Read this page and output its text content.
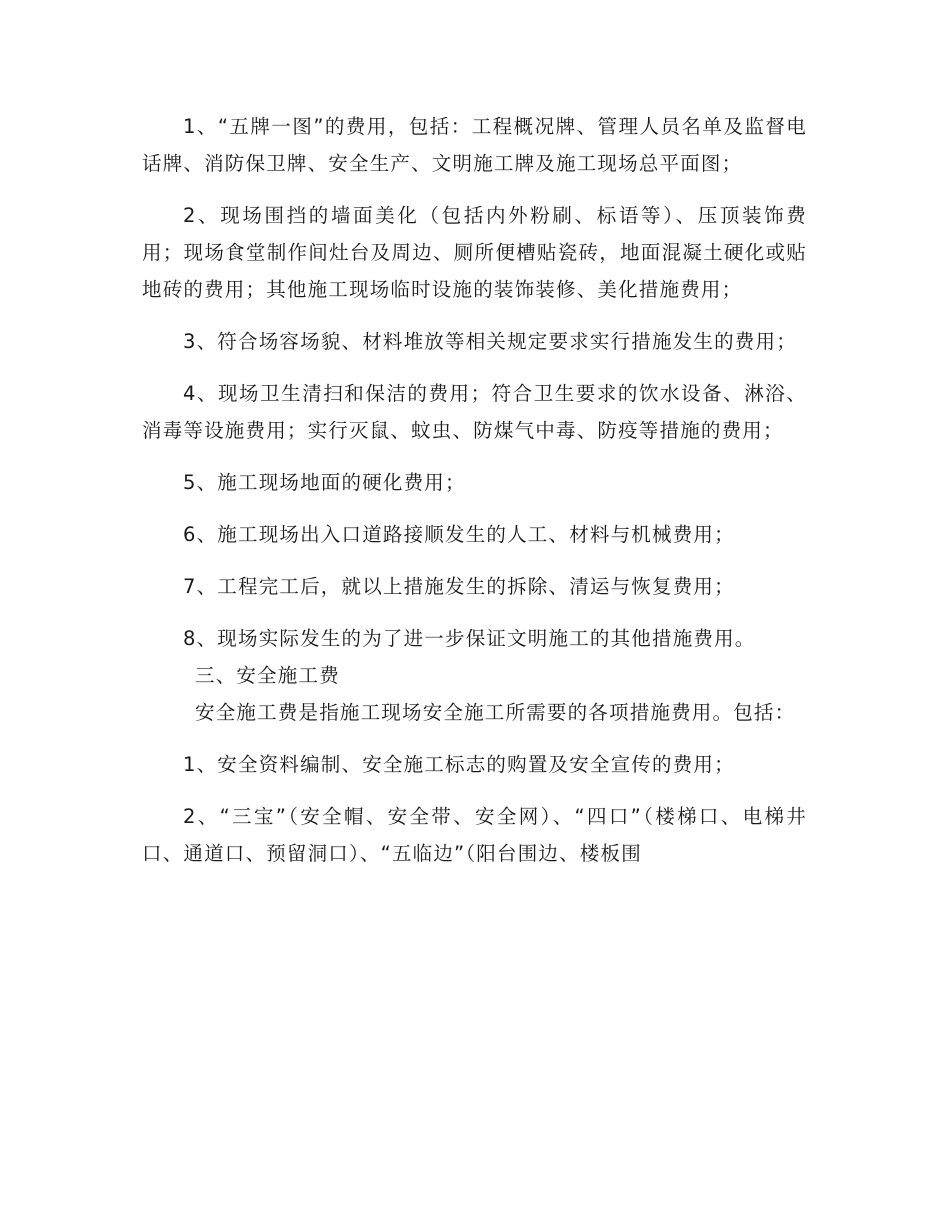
1、“五牌一图”的费用，包括：工程概况牌、管理人员名单及监督电话牌、消防保卫牌、安全生产、文明施工牌及施工现场总平面图；

2、现场围挡的墙面美化（包括内外粉刷、标语等）、压顶装饰费用；现场食堂制作间灶台及周边、厕所便槽贴瓷砖，地面混凝土硬化或贴地砖的费用；其他施工现场临时设施的装饰装修、美化措施费用；

3、符合场容场貌、材料堆放等相关规定要求实行措施发生的费用；

4、现场卫生清扫和保洁的费用；符合卫生要求的饮水设备、淋浴、消毒等设施费用；实行灭鼠、蚊虫、防煤气中毒、防疫等措施的费用；

5、施工现场地面的硬化费用；

6、施工现场出入口道路接顺发生的人工、材料与机械费用；

7、工程完工后，就以上措施发生的拆除、清运与恢复费用；

8、现场实际发生的为了进一步保证文明施工的其他措施费用。

三、安全施工费

安全施工费是指施工现场安全施工所需要的各项措施费用。包括：

1、安全资料编制、安全施工标志的购置及安全宣传的费用；

2、“三宝”（安全帽、安全带、安全网）、“四口”（楼梯口、电梯井口、通道口、预留洞口）、“五临边”（阳台围边、楼板围
